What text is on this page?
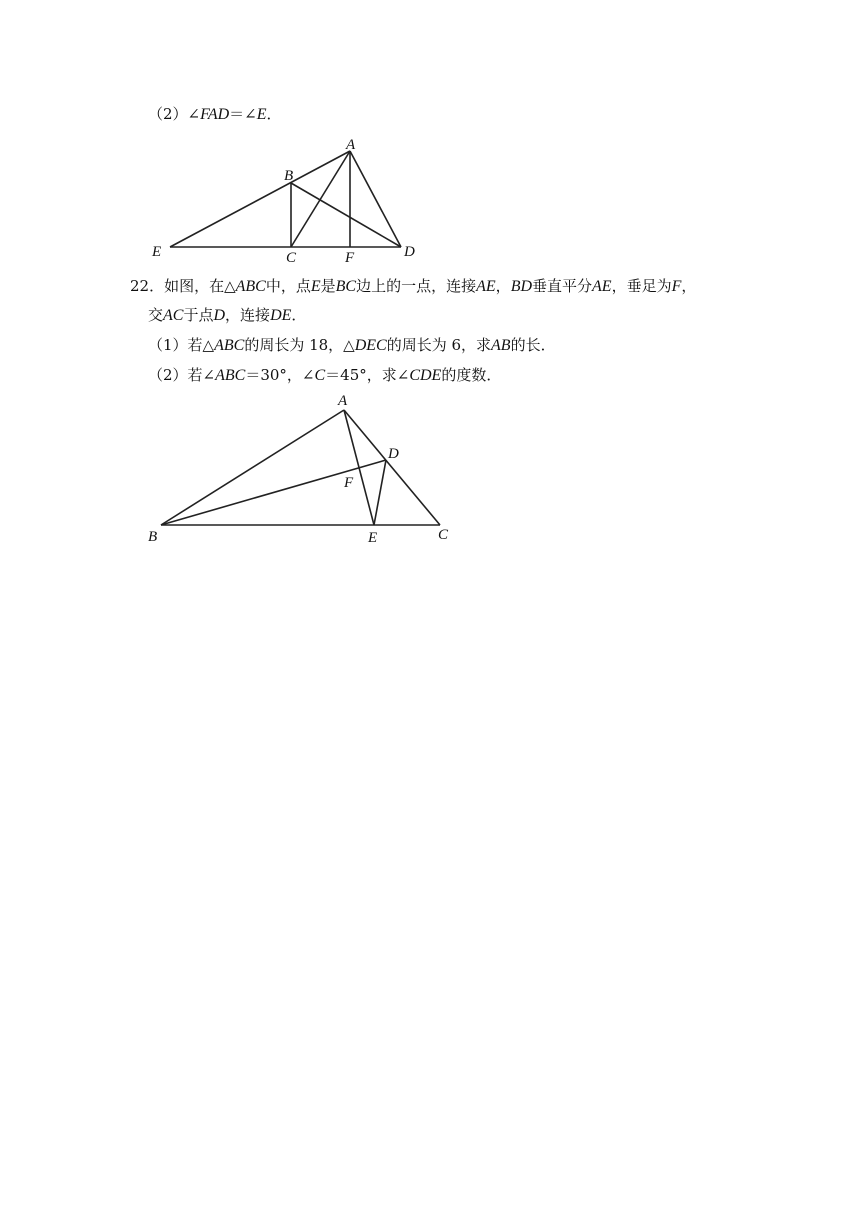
（2）∠FAD＝∠E．
A
B
E	C	F	D
22．如图，在△ABC中，点E是BC边上的一点，连接AE，BD垂直平分AE，垂足为F，
交AC于点D，连接DE．
（1）若△ABC的周长为 18，△DEC的周长为 6，求AB的长．
（2）若∠ABC＝30°，∠C＝45°，求∠CDE的度数．
A
D
F
B	E	C
